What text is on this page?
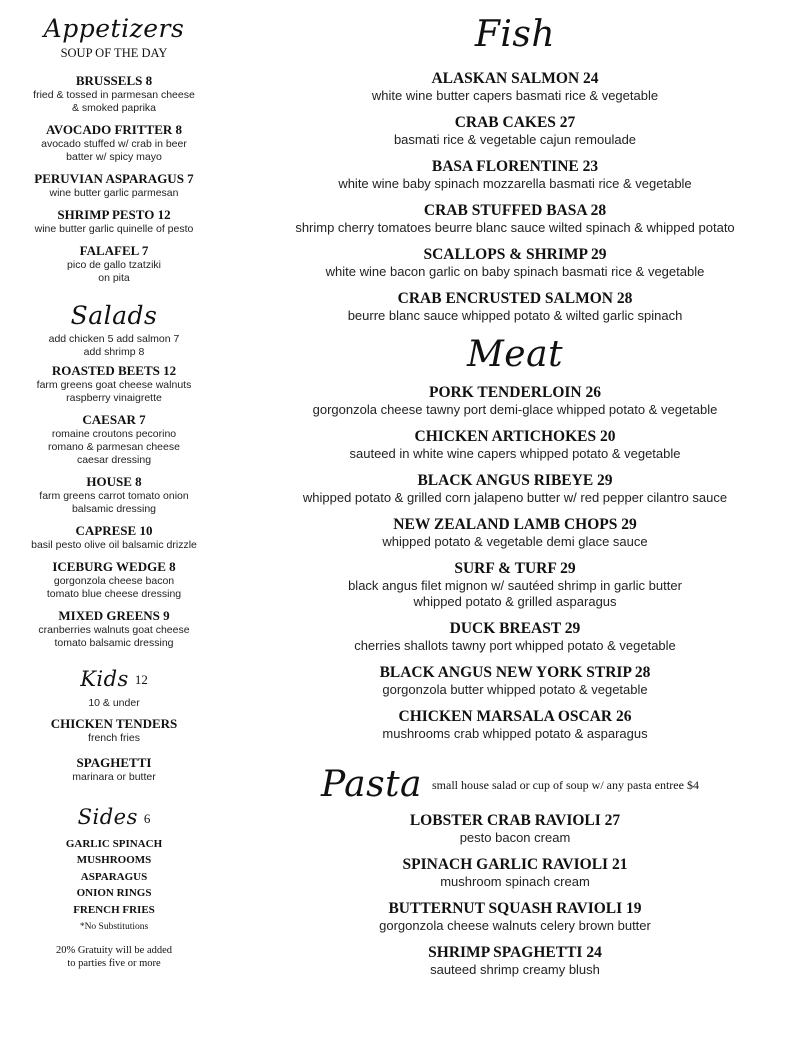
Appetizers
SOUP OF THE DAY
BRUSSELS 8
fried & tossed in parmesan cheese
& smoked paprika
AVOCADO FRITTER 8
avocado stuffed w/ crab in beer
batter w/ spicy mayo
PERUVIAN ASPARAGUS 7
wine butter garlic parmesan
SHRIMP PESTO 12
wine butter garlic quinelle of pesto
FALAFEL 7
pico de gallo tzatziki
on pita
Salads
add chicken 5 add salmon 7
add shrimp 8
ROASTED BEETS 12
farm greens goat cheese walnuts
raspberry vinaigrette
CAESAR 7
romaine croutons pecorino
romano & parmesan cheese
caesar dressing
HOUSE 8
farm greens carrot tomato onion
balsamic dressing
CAPRESE 10
basil pesto olive oil balsamic drizzle
ICEBURG WEDGE 8
gorgonzola cheese bacon
tomato blue cheese dressing
MIXED GREENS 9
cranberries walnuts goat cheese
tomato balsamic dressing
Kids 12
10 & under
CHICKEN TENDERS
french fries
SPAGHETTI
marinara or butter
Sides 6
GARLIC SPINACH
MUSHROOMS
ASPARAGUS
ONION RINGS
FRENCH FRIES
*No Substitutions
20% Gratuity will be added
to parties five or more
Fish
ALASKAN SALMON 24
white wine butter capers basmati rice & vegetable
CRAB CAKES 27
basmati rice & vegetable cajun remoulade
BASA FLORENTINE 23
white wine baby spinach mozzarella basmati rice & vegetable
CRAB STUFFED BASA 28
shrimp cherry tomatoes beurre blanc sauce wilted spinach & whipped potato
SCALLOPS & SHRIMP 29
white wine bacon garlic on baby spinach basmati rice & vegetable
CRAB ENCRUSTED SALMON 28
beurre blanc sauce whipped potato & wilted garlic spinach
Meat
PORK TENDERLOIN 26
gorgonzola cheese tawny port demi-glace whipped potato & vegetable
CHICKEN ARTICHOKES 20
sauteed in white wine capers whipped potato & vegetable
BLACK ANGUS RIBEYE 29
whipped potato & grilled corn jalapeno butter w/ red pepper cilantro sauce
NEW ZEALAND LAMB CHOPS 29
whipped potato & vegetable demi glace sauce
SURF & TURF 29
black angus filet mignon w/ sautéed shrimp in garlic butter
whipped potato & grilled asparagus
DUCK BREAST 29
cherries shallots tawny port whipped potato & vegetable
BLACK ANGUS NEW YORK STRIP 28
gorgonzola butter whipped potato & vegetable
CHICKEN MARSALA OSCAR 26
mushrooms crab whipped potato & asparagus
Pasta small house salad or cup of soup w/ any pasta entree $4
LOBSTER CRAB RAVIOLI 27
pesto bacon cream
SPINACH GARLIC RAVIOLI 21
mushroom spinach cream
BUTTERNUT SQUASH RAVIOLI 19
gorgonzola cheese walnuts celery brown butter
SHRIMP SPAGHETTI 24
sauteed shrimp creamy blush
